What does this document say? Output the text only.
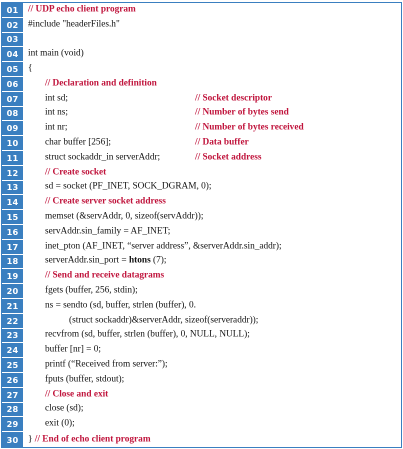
01	// UDP echo client program
02	#include "headerFiles.h"
03
04	int main (void)
05	{
06	// Declaration and definition
07	int sd;	// Socket descriptor
08	int ns;	// Number of bytes send
09	int nr;	// Number of bytes received
10	char buffer [256];	// Data buffer
11	struct sockaddr_in serverAddr;	// Socket address
12	// Create socket
13	sd = socket (PF_INET, SOCK_DGRAM, 0);
14	// Create server socket address
15	memset (&servAddr, 0, sizeof(servAddr));
16	servAddr.sin_family = AF_INET;
17	inet_pton (AF_INET, “server address”, &serverAddr.sin_addr);
18	serverAddr.sin_port = htons (7);
19	// Send and receive datagrams
20	fgets (buffer, 256, stdin);
21	ns = sendto (sd, buffer, strlen (buffer), 0.
22	(struct sockaddr)&serverAddr, sizeof(serveraddr));
23	recvfrom (sd, buffer, strlen (buffer), 0, NULL, NULL);
24	buffer [nr] = 0;
25	printf (“Received from server:”);
26	fputs (buffer, stdout);
27	// Close and exit
28	close (sd);
29	exit (0);
30	} // End of echo client program
